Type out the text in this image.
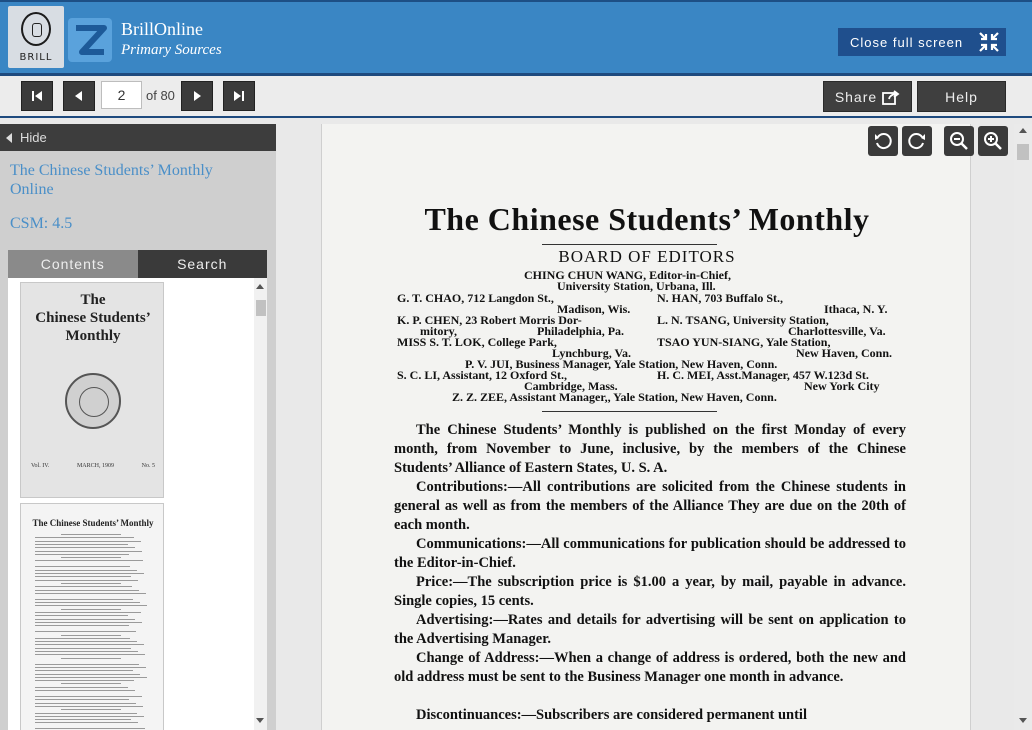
BRILL
BrillOnline
Primary Sources	Close full screen
2
of 80	Share	Help
Hide
The Chinese Students’ Monthly Online
CSM: 4.5
Contents	Search
The
Chinese Students’
Monthly
Vol. IV.	MARCH, 1909	No. 5
The Chinese Students’ Monthly
The Chinese Students’ Monthly
BOARD OF EDITORS
CHING CHUN WANG, Editor-in-Chief,
University Station, Urbana, Ill.
G. T. CHAO, 712 Langdon St.,	N. HAN, 703 Buffalo St.,
Madison, Wis.	Ithaca, N. Y.
K. P. CHEN, 23 Robert Morris Dor-	L. N. TSANG, University Station,
mitory,	Philadelphia, Pa.	Charlottesville, Va.
MISS S. T. LOK, College Park,	TSAO YUN-SIANG, Yale Station,
Lynchburg, Va.	New Haven, Conn.
P. V. JUI, Business Manager, Yale Station, New Haven, Conn.
S. C. LI, Assistant, 12 Oxford St.,	H. C. MEI, Asst.Manager, 457 W.123d St.
Cambridge, Mass.	New York City
Z. Z. ZEE, Assistant Manager,, Yale Station, New Haven, Conn.
The Chinese Students’ Monthly is published on the first Monday of every month, from November to June, inclusive, by the members of the Chinese Students’ Alliance of Eastern States, U. S. A.
Contributions:—All contributions are solicited from the Chinese students in general as well as from the members of the Alliance They are due on the 20th of each month.
Communications:—All communications for publication should be addressed to the Editor-in-Chief.
Price:—The subscription price is $1.00 a year, by mail, payable in advance. Single copies, 15 cents.
Advertising:—Rates and details for advertising will be sent on application to the Advertising Manager.
Change of Address:—When a change of address is ordered, both the new and old address must be sent to the Business Manager one month in advance.
Discontinuances:—Subscribers are considered permanent until
